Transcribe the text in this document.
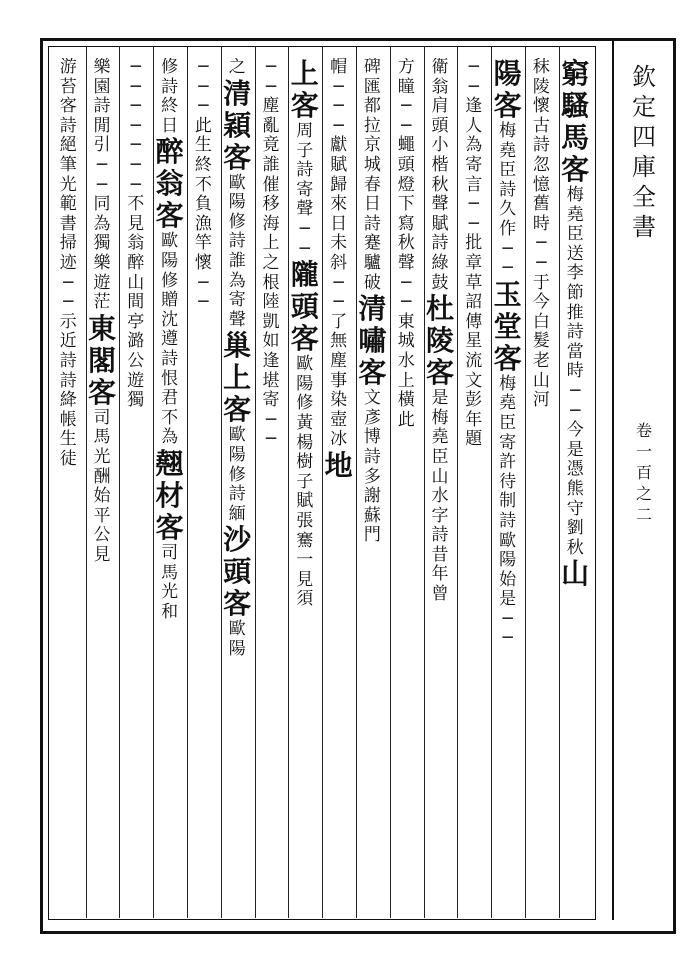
欽
定
四
庫
全
書
卷
一
百
之
二
窮
騷
馬
客
梅
堯
臣
送
李
節
推
詩
當
時
─
─
今
是
憑
熊
守
劉
秋
山
秣
陵
懷
古
詩
忽
憶
舊
時
─
─
于
今
白
髮
老
山
河
陽
客
梅
堯
臣
詩
久
作
─
─
玉
堂
客
梅
堯
臣
寄
許
待
制
詩
歐
陽
始
是
─
─
─
─
逢
人
為
寄
言
─
─
批
章
草
詔
傳
星
流
文
彭
年
題
衛
翁
肩
頭
小
楷
秋
聲
賦
詩
綠
鼓
杜
陵
客
是
梅
堯
臣
山
水
字
詩
昔
年
曾
方
瞳
─
─
蠅
頭
燈
下
寫
秋
聲
─
─
東
城
水
上
橫
此
碑
匯
都
拉
京
城
春
日
詩
蹇
驢
破
清
嘯
客
文
彥
博
詩
多
謝
蘇
門
帽
─
─
─
獻
賦
歸
來
日
未
斜
─
─
了
無
塵
事
染
壺
冰
地
上
客
周
子
詩
寄
聲
─
─
隴
頭
客
歐
陽
修
黃
楊
樹
子
賦
張
騫
一
見
須
─
─
塵
亂
竟
誰
催
移
海
上
之
根
陸
凱
如
逢
堪
寄
─
─
之
清
穎
客
歐
陽
修
詩
誰
為
寄
聲
巢
上
客
歐
陽
修
詩
緬
沙
頭
客
歐
陽
─
─
─
此
生
終
不
負
漁
竿
懷
─
─
修
詩
終
日
醉
翁
客
歐
陽
修
贈
沈
遵
詩
恨
君
不
為
翹
材
客
司
馬
光
和
─
─
─
─
─
─
─
不
見
翁
醉
山
間
亭
潞
公
遊
獨
樂
園
詩
閒
引
─
─
同
為
獨
樂
遊
茫
東
閣
客
司
馬
光
酬
始
平
公
見
游
苔
客
詩
絕
筆
光
範
書
掃
迹
─
─
示
近
詩
詩
絳
帳
生
徒
